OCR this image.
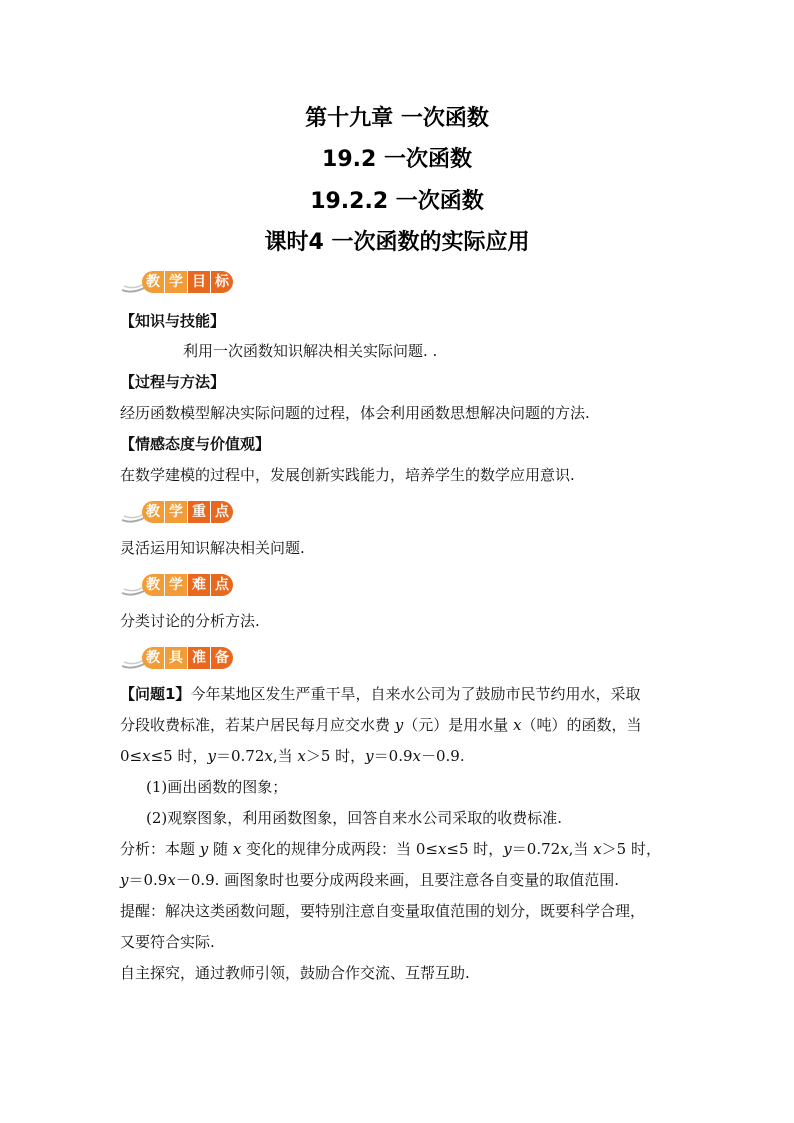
第十九章 一次函数
19.2 一次函数
19.2.2 一次函数
课时4 一次函数的实际应用
教 学 目 标
【知识与技能】
利用一次函数知识解决相关实际问题. .
【过程与方法】
经历函数模型解决实际问题的过程，体会利用函数思想解决问题的方法.
【情感态度与价值观】
在数学建模的过程中，发展创新实践能力，培养学生的数学应用意识.
教 学 重 点
灵活运用知识解决相关问题.
教 学 难 点
分类讨论的分析方法.
教 具 准 备
【问题1】今年某地区发生严重干旱，自来水公司为了鼓励市民节约用水，采取
分段收费标准，若某户居民每月应交水费 y（元）是用水量 x（吨）的函数，当
0≤x≤5 时，y＝0.72x,当 x＞5 时，y＝0.9x－0.9.
(1)画出函数的图象；
(2)观察图象，利用函数图象，回答自来水公司采取的收费标准.
分析：本题 y 随 x 变化的规律分成两段：当 0≤x≤5 时，y＝0.72x,当 x＞5 时，
y＝0.9x－0.9. 画图象时也要分成两段来画，且要注意各自变量的取值范围.
提醒：解决这类函数问题，要特别注意自变量取值范围的划分，既要科学合理，
又要符合实际.
自主探究，通过教师引领，鼓励合作交流、互帮互助.
